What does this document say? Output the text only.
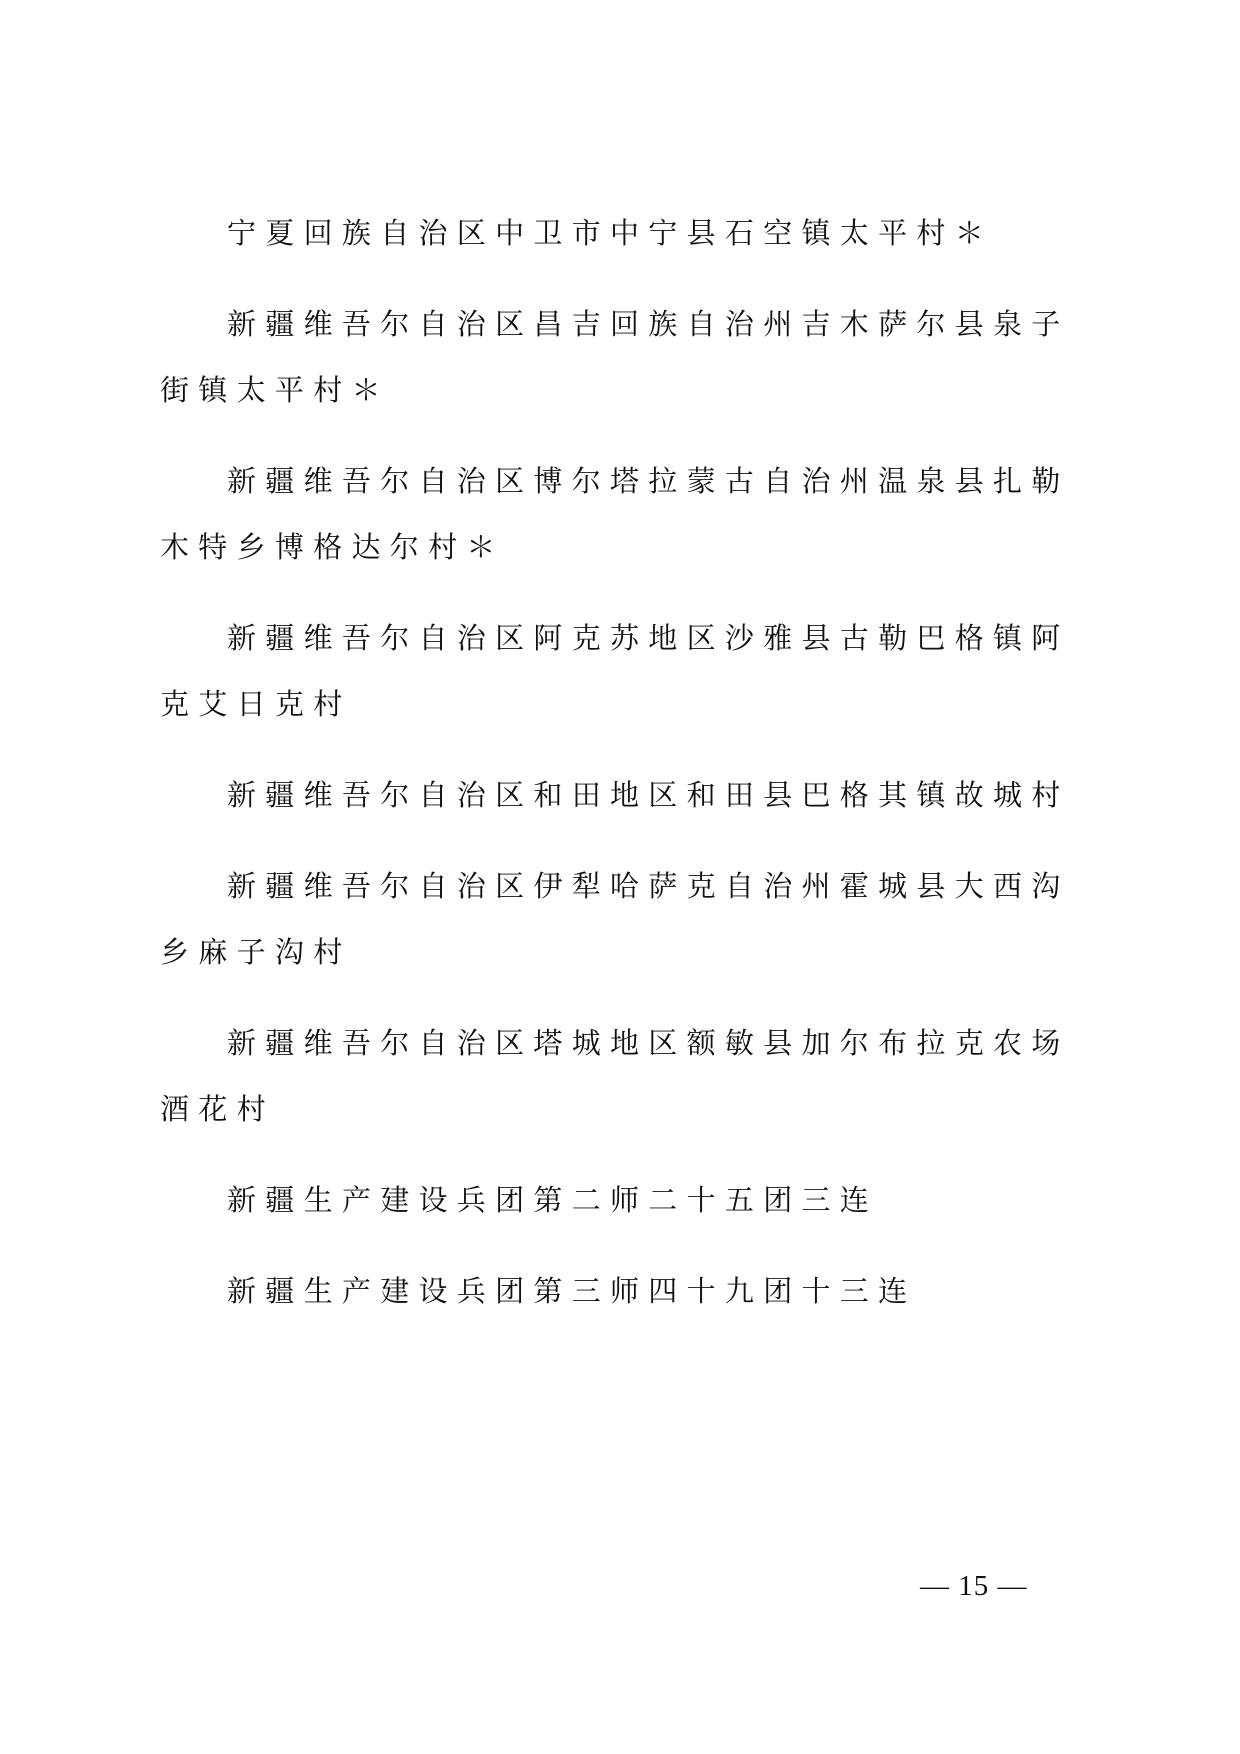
宁夏回族自治区中卫市中宁县石空镇太平村＊

新疆维吾尔自治区昌吉回族自治州吉木萨尔县泉子街镇太平村＊

新疆维吾尔自治区博尔塔拉蒙古自治州温泉县扎勒木特乡博格达尔村＊

新疆维吾尔自治区阿克苏地区沙雅县古勒巴格镇阿克艾日克村

新疆维吾尔自治区和田地区和田县巴格其镇故城村

新疆维吾尔自治区伊犁哈萨克自治州霍城县大西沟乡麻子沟村

新疆维吾尔自治区塔城地区额敏县加尔布拉克农场酒花村

新疆生产建设兵团第二师二十五团三连

新疆生产建设兵团第三师四十九团十三连

— 15 —
